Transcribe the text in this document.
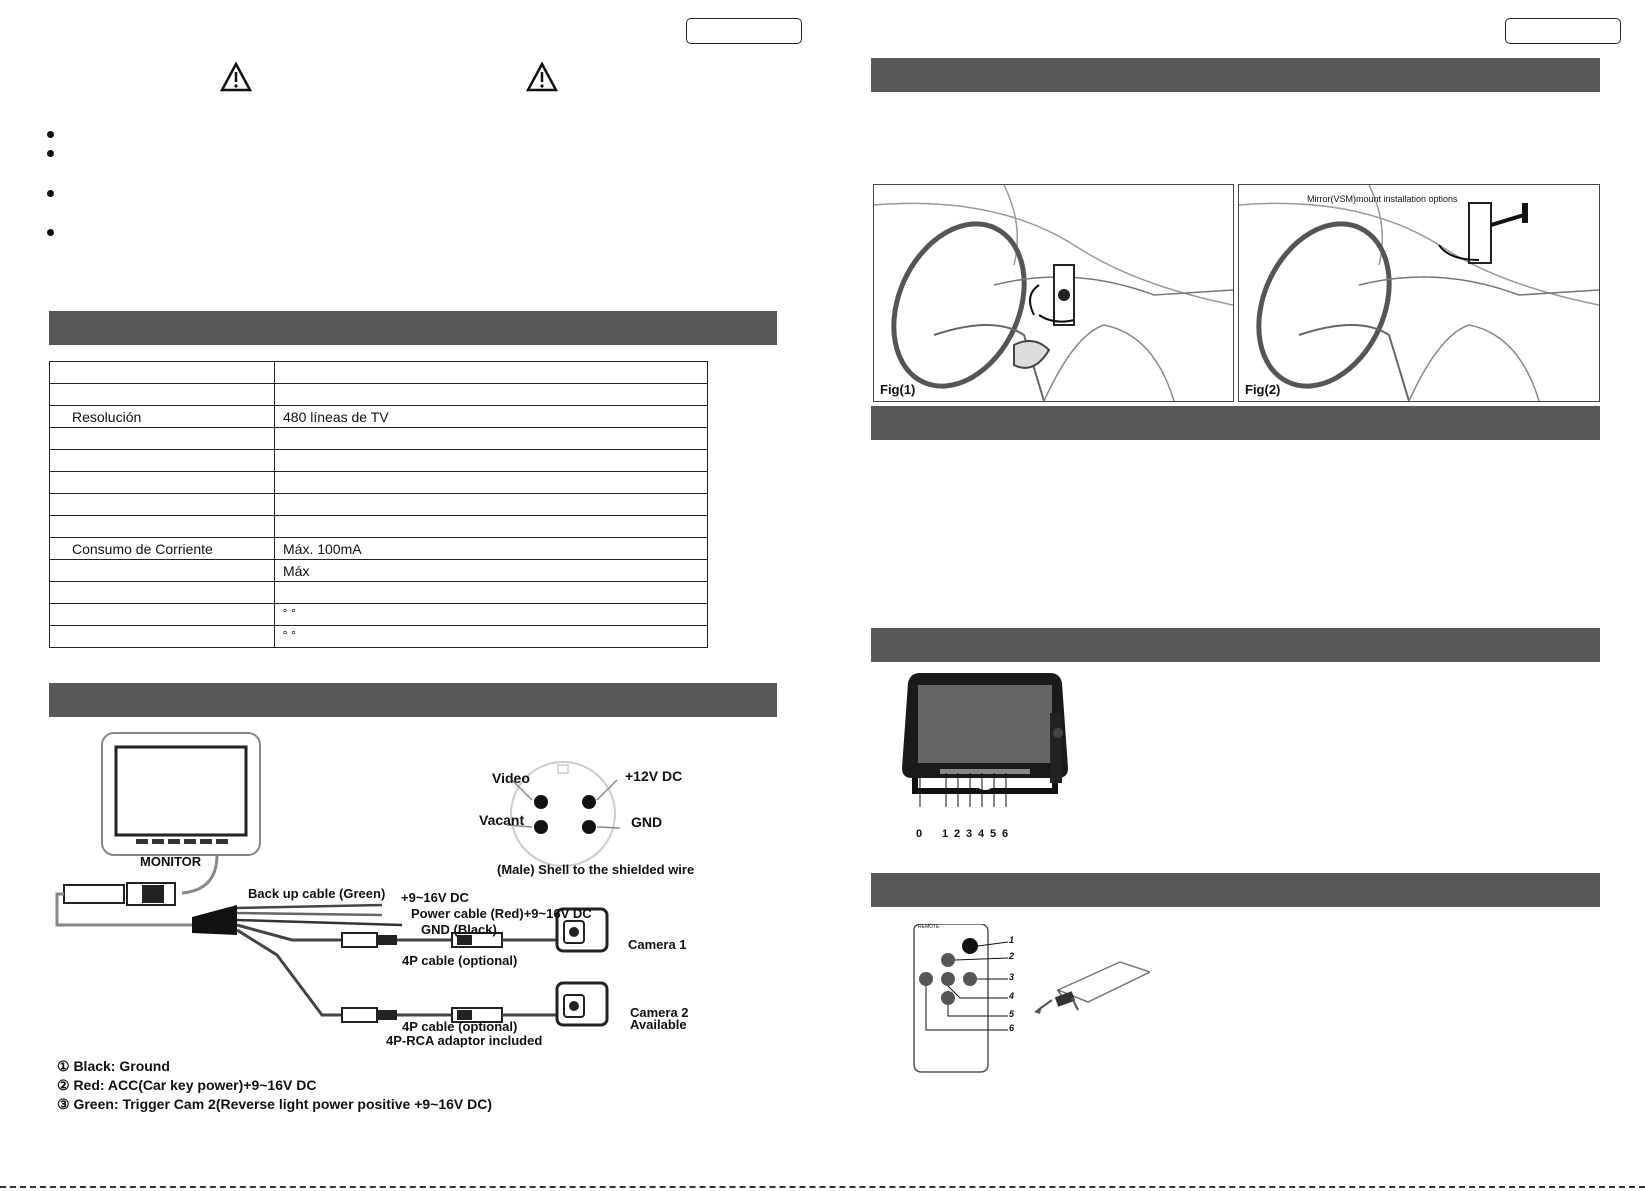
Resolución	480 líneas de TV

Consumo de Corriente	Máx. 100mA
	Máx

	˚ ˚
	˚ ˚
MONITOR
Video	+12V DC
Vacant	GND
(Male) Shell to the shielded wire
Back up cable (Green) +9~16V DC
Power cable (Red)+9~16V DC
GND (Black)
4P cable (optional)
Camera 1
4P cable (optional)
4P-RCA adaptor included
Camera 2
Available
① Black: Ground
② Red: ACC(Car key power)+9~16V DC
③ Green: Trigger Cam 2(Reverse light power positive +9~16V DC)
Fig(1)
Mirror(VSM)mount installation options
Fig(2)
0 1 2 3 4 5 6
REMOTE
1
2
3
4
5
6
